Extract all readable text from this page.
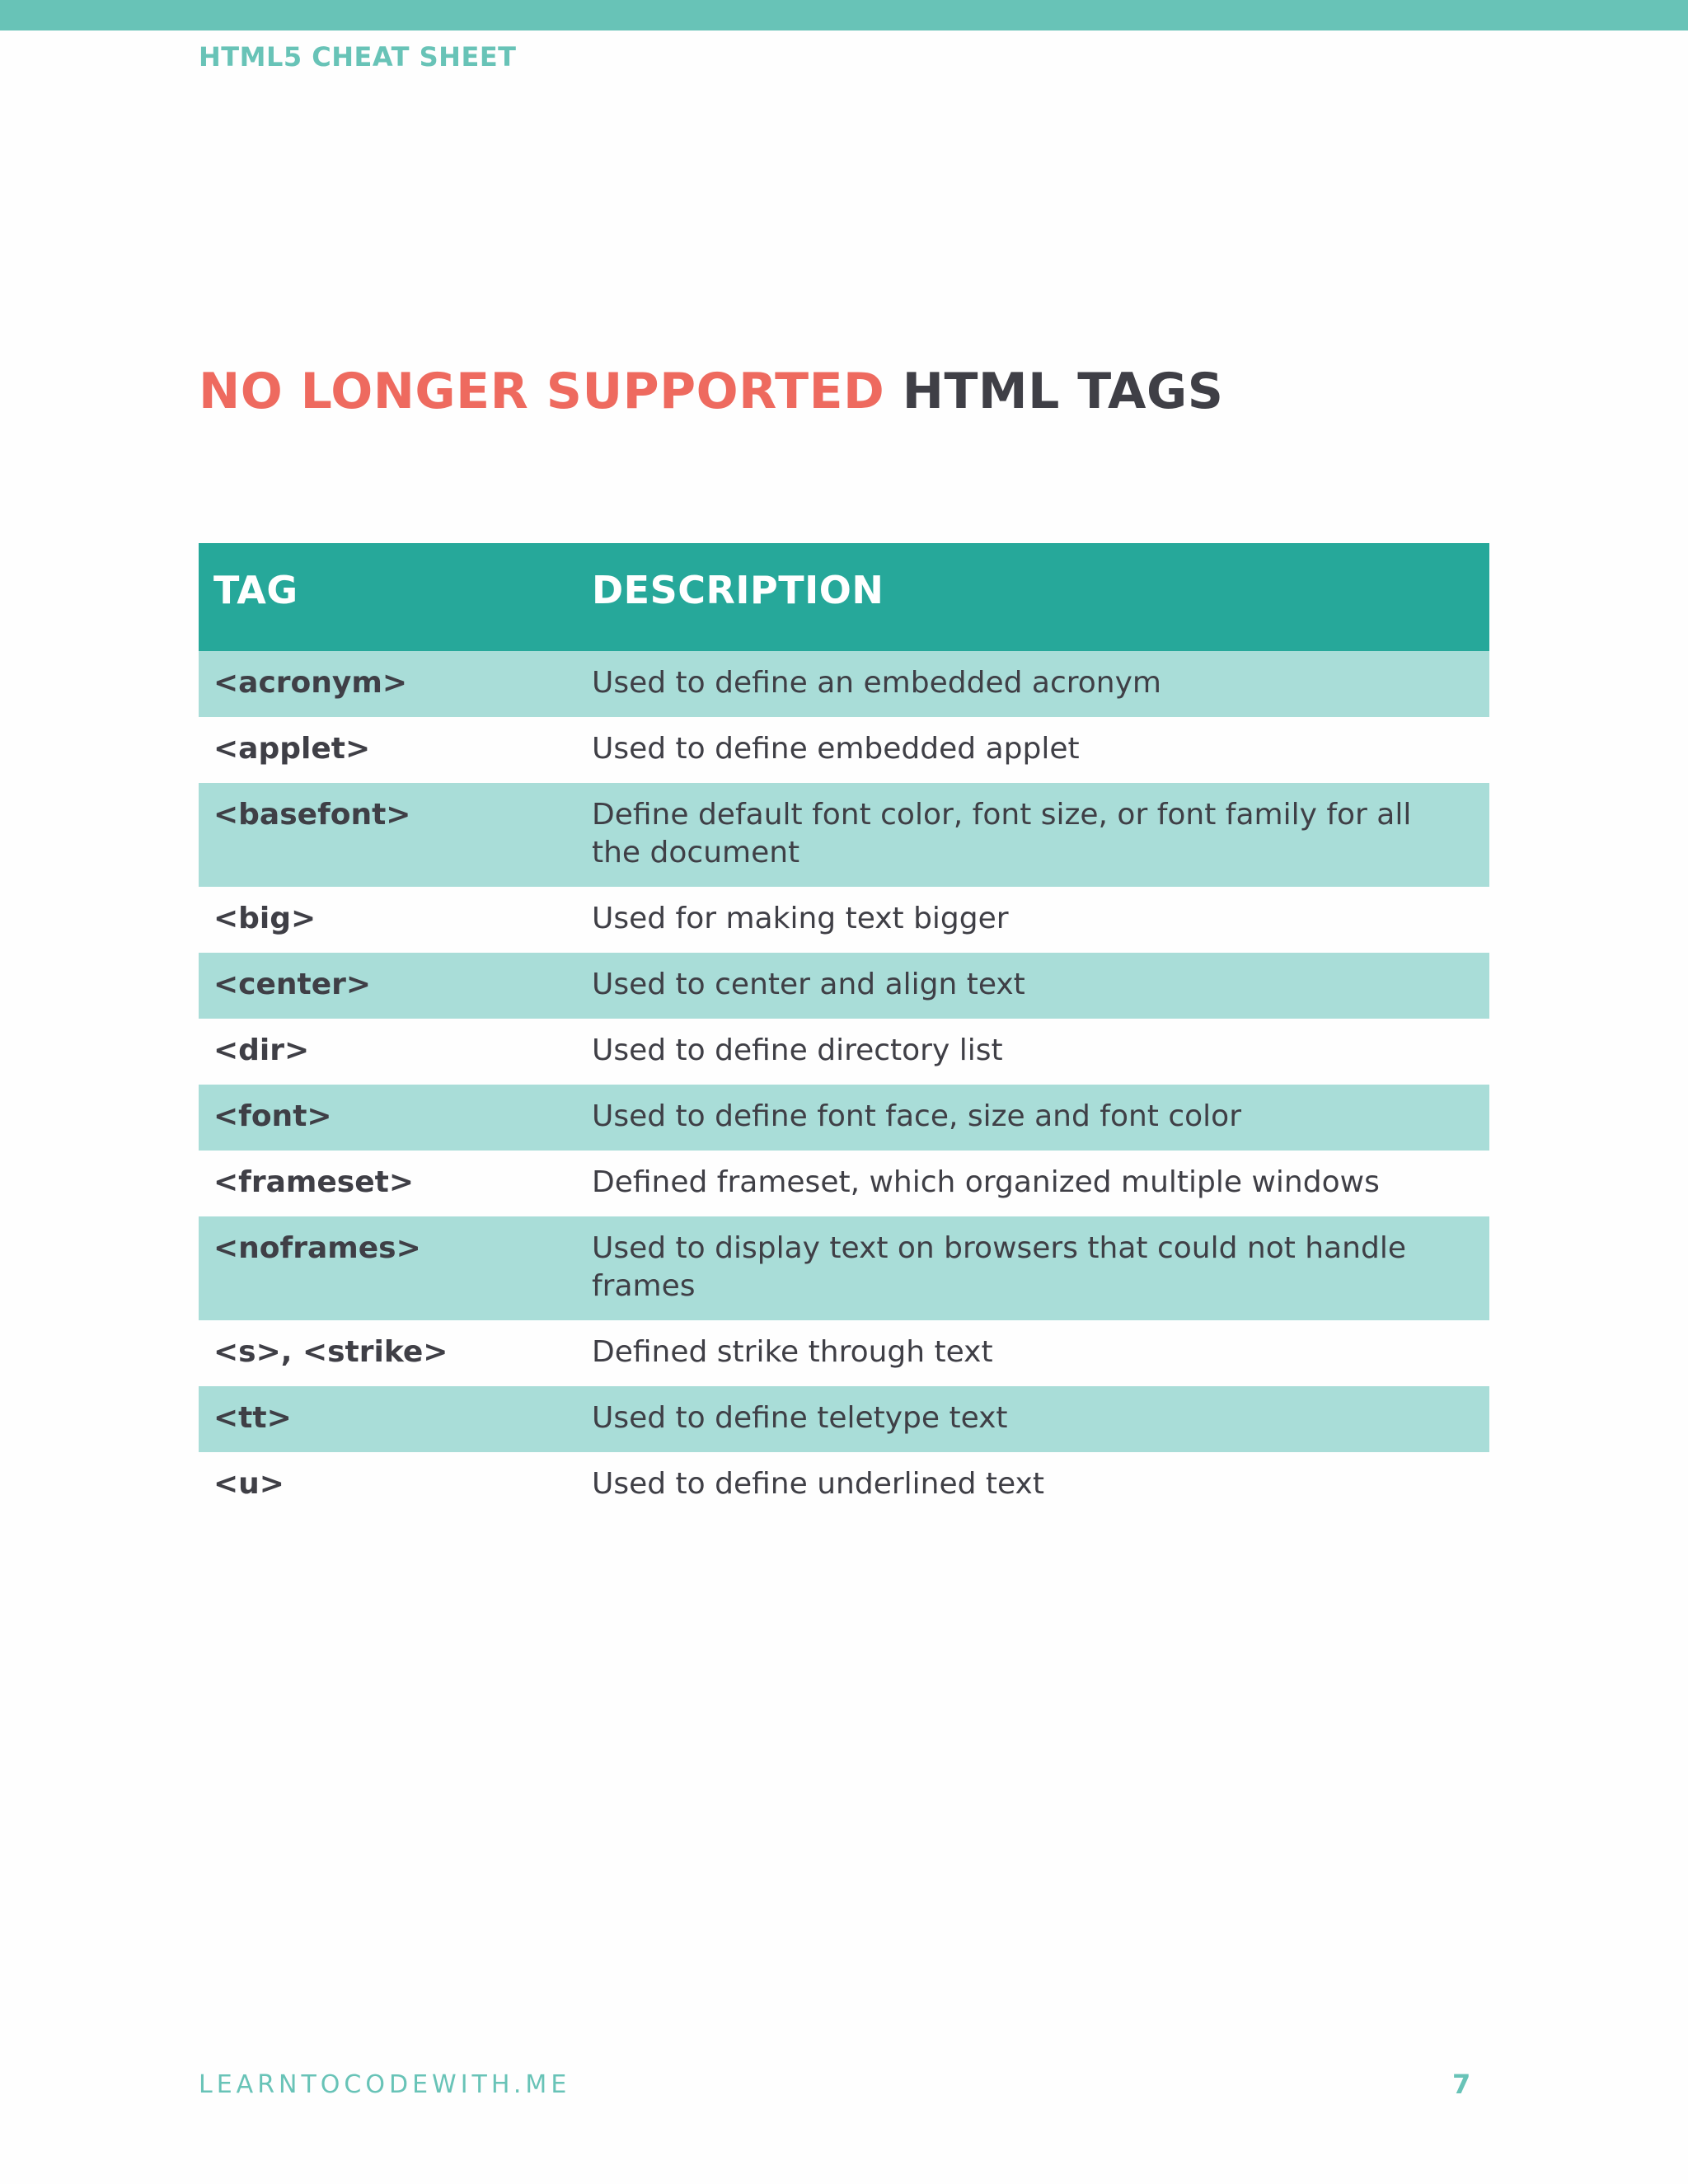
HTML5 CHEAT SHEET
NO LONGER SUPPORTED HTML TAGS
TAG	DESCRIPTION
<acronym>	Used to define an embedded acronym
<applet>	Used to define embedded applet
<basefont>	Define default font color, font size, or font family for all the document
<big>	Used for making text bigger
<center>	Used to center and align text
<dir>	Used to define directory list
<font>	Used to define font face, size and font color
<frameset>	Defined frameset, which organized multiple windows
<noframes>	Used to display text on browsers that could not handle frames
<s>, <strike>	Defined strike through text
<tt>	Used to define teletype text
<u>	Used to define underlined text
LEARNTOCODEWITH.ME	7
